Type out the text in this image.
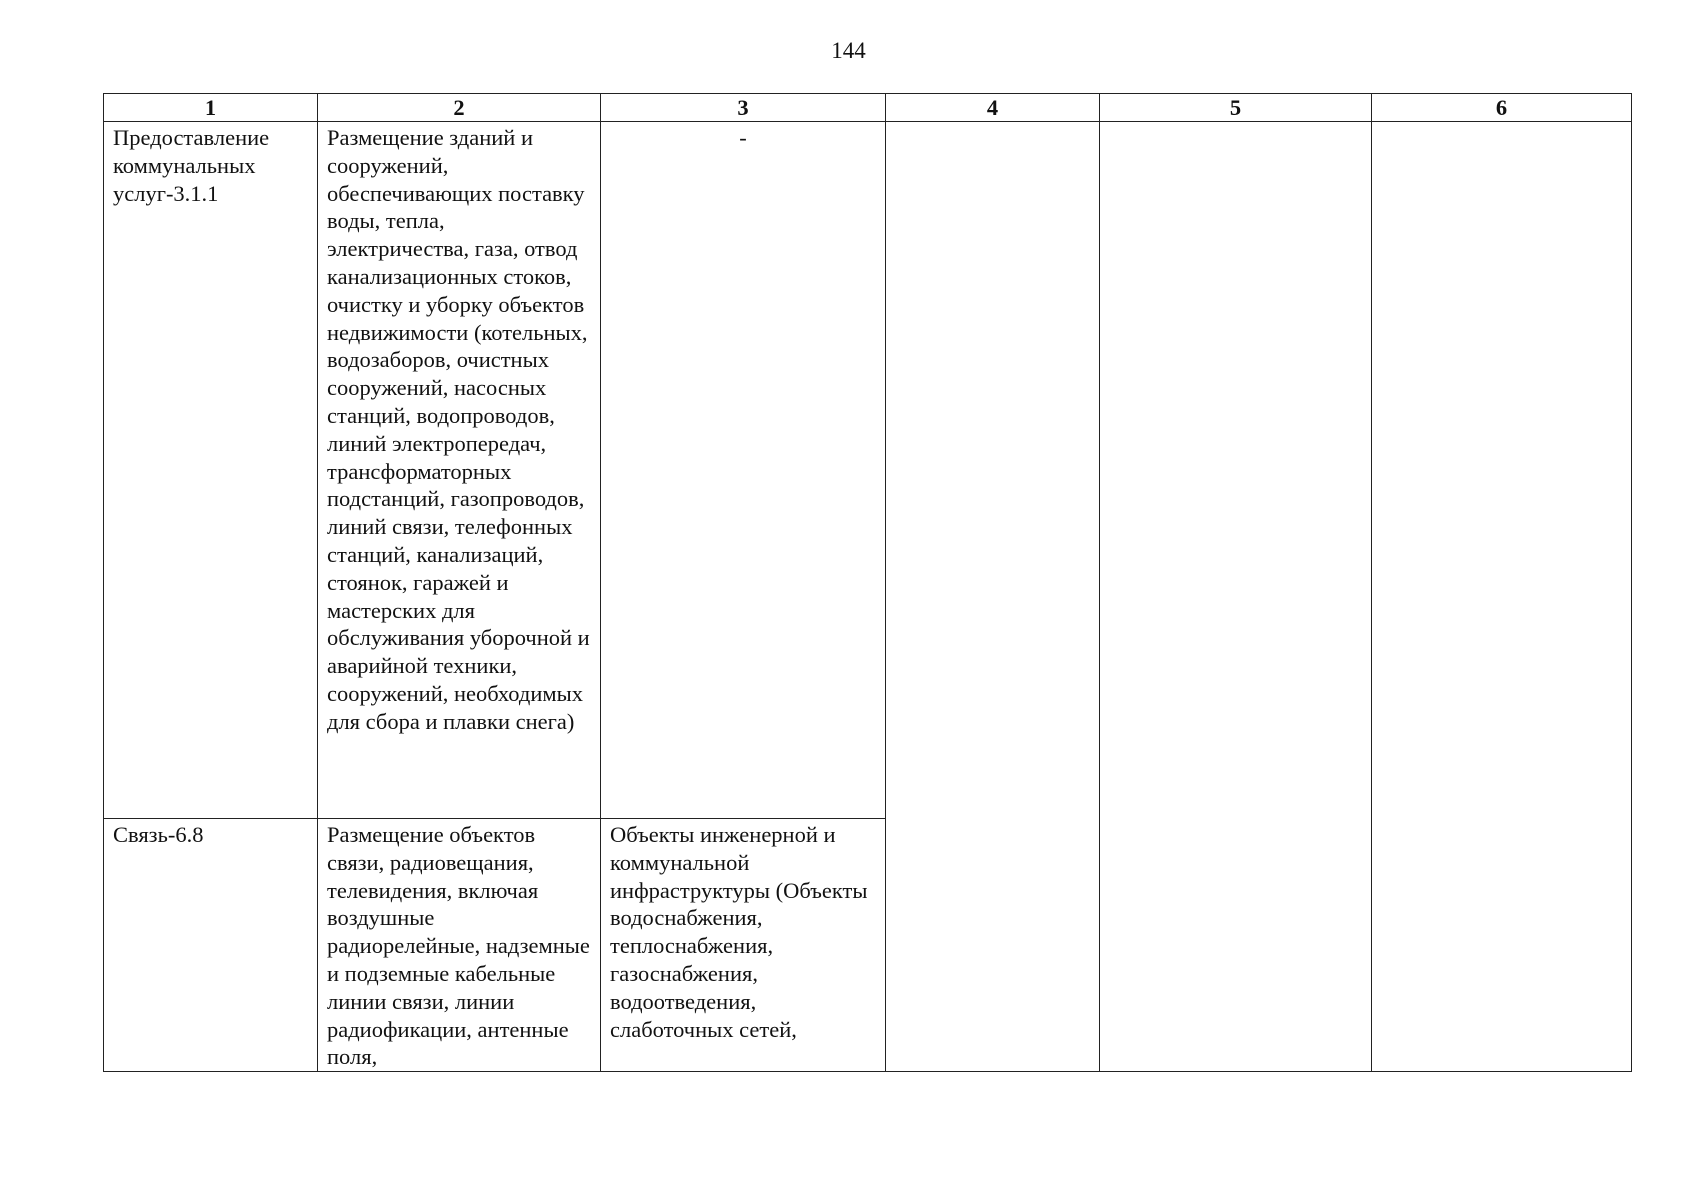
144
1	2	3	4	5	6

Предоставление коммунальных услуг-3.1.1	Размещение зданий и сооружений, обеспечивающих поставку воды, тепла, электричества, газа, отвод канализационных стоков, очистку и уборку объектов недвижимости (котельных, водозаборов, очистных сооружений, насосных станций, водопроводов, линий электропередач, трансформаторных подстанций, газопроводов, линий связи, телефонных станций, канализаций, стоянок, гаражей и мастерских для обслуживания уборочной и аварийной техники, сооружений, необходимых для сбора и плавки снега)	-			

Связь-6.8	Размещение объектов связи, радиовещания, телевидения, включая воздушные радиорелейные, надземные и подземные кабельные линии связи, линии радиофикации, антенные поля,	Объекты инженерной и коммунальной инфраструктуры (Объекты водоснабжения, теплоснабжения, газоснабжения, водоотведения, слаботочных сетей,			
